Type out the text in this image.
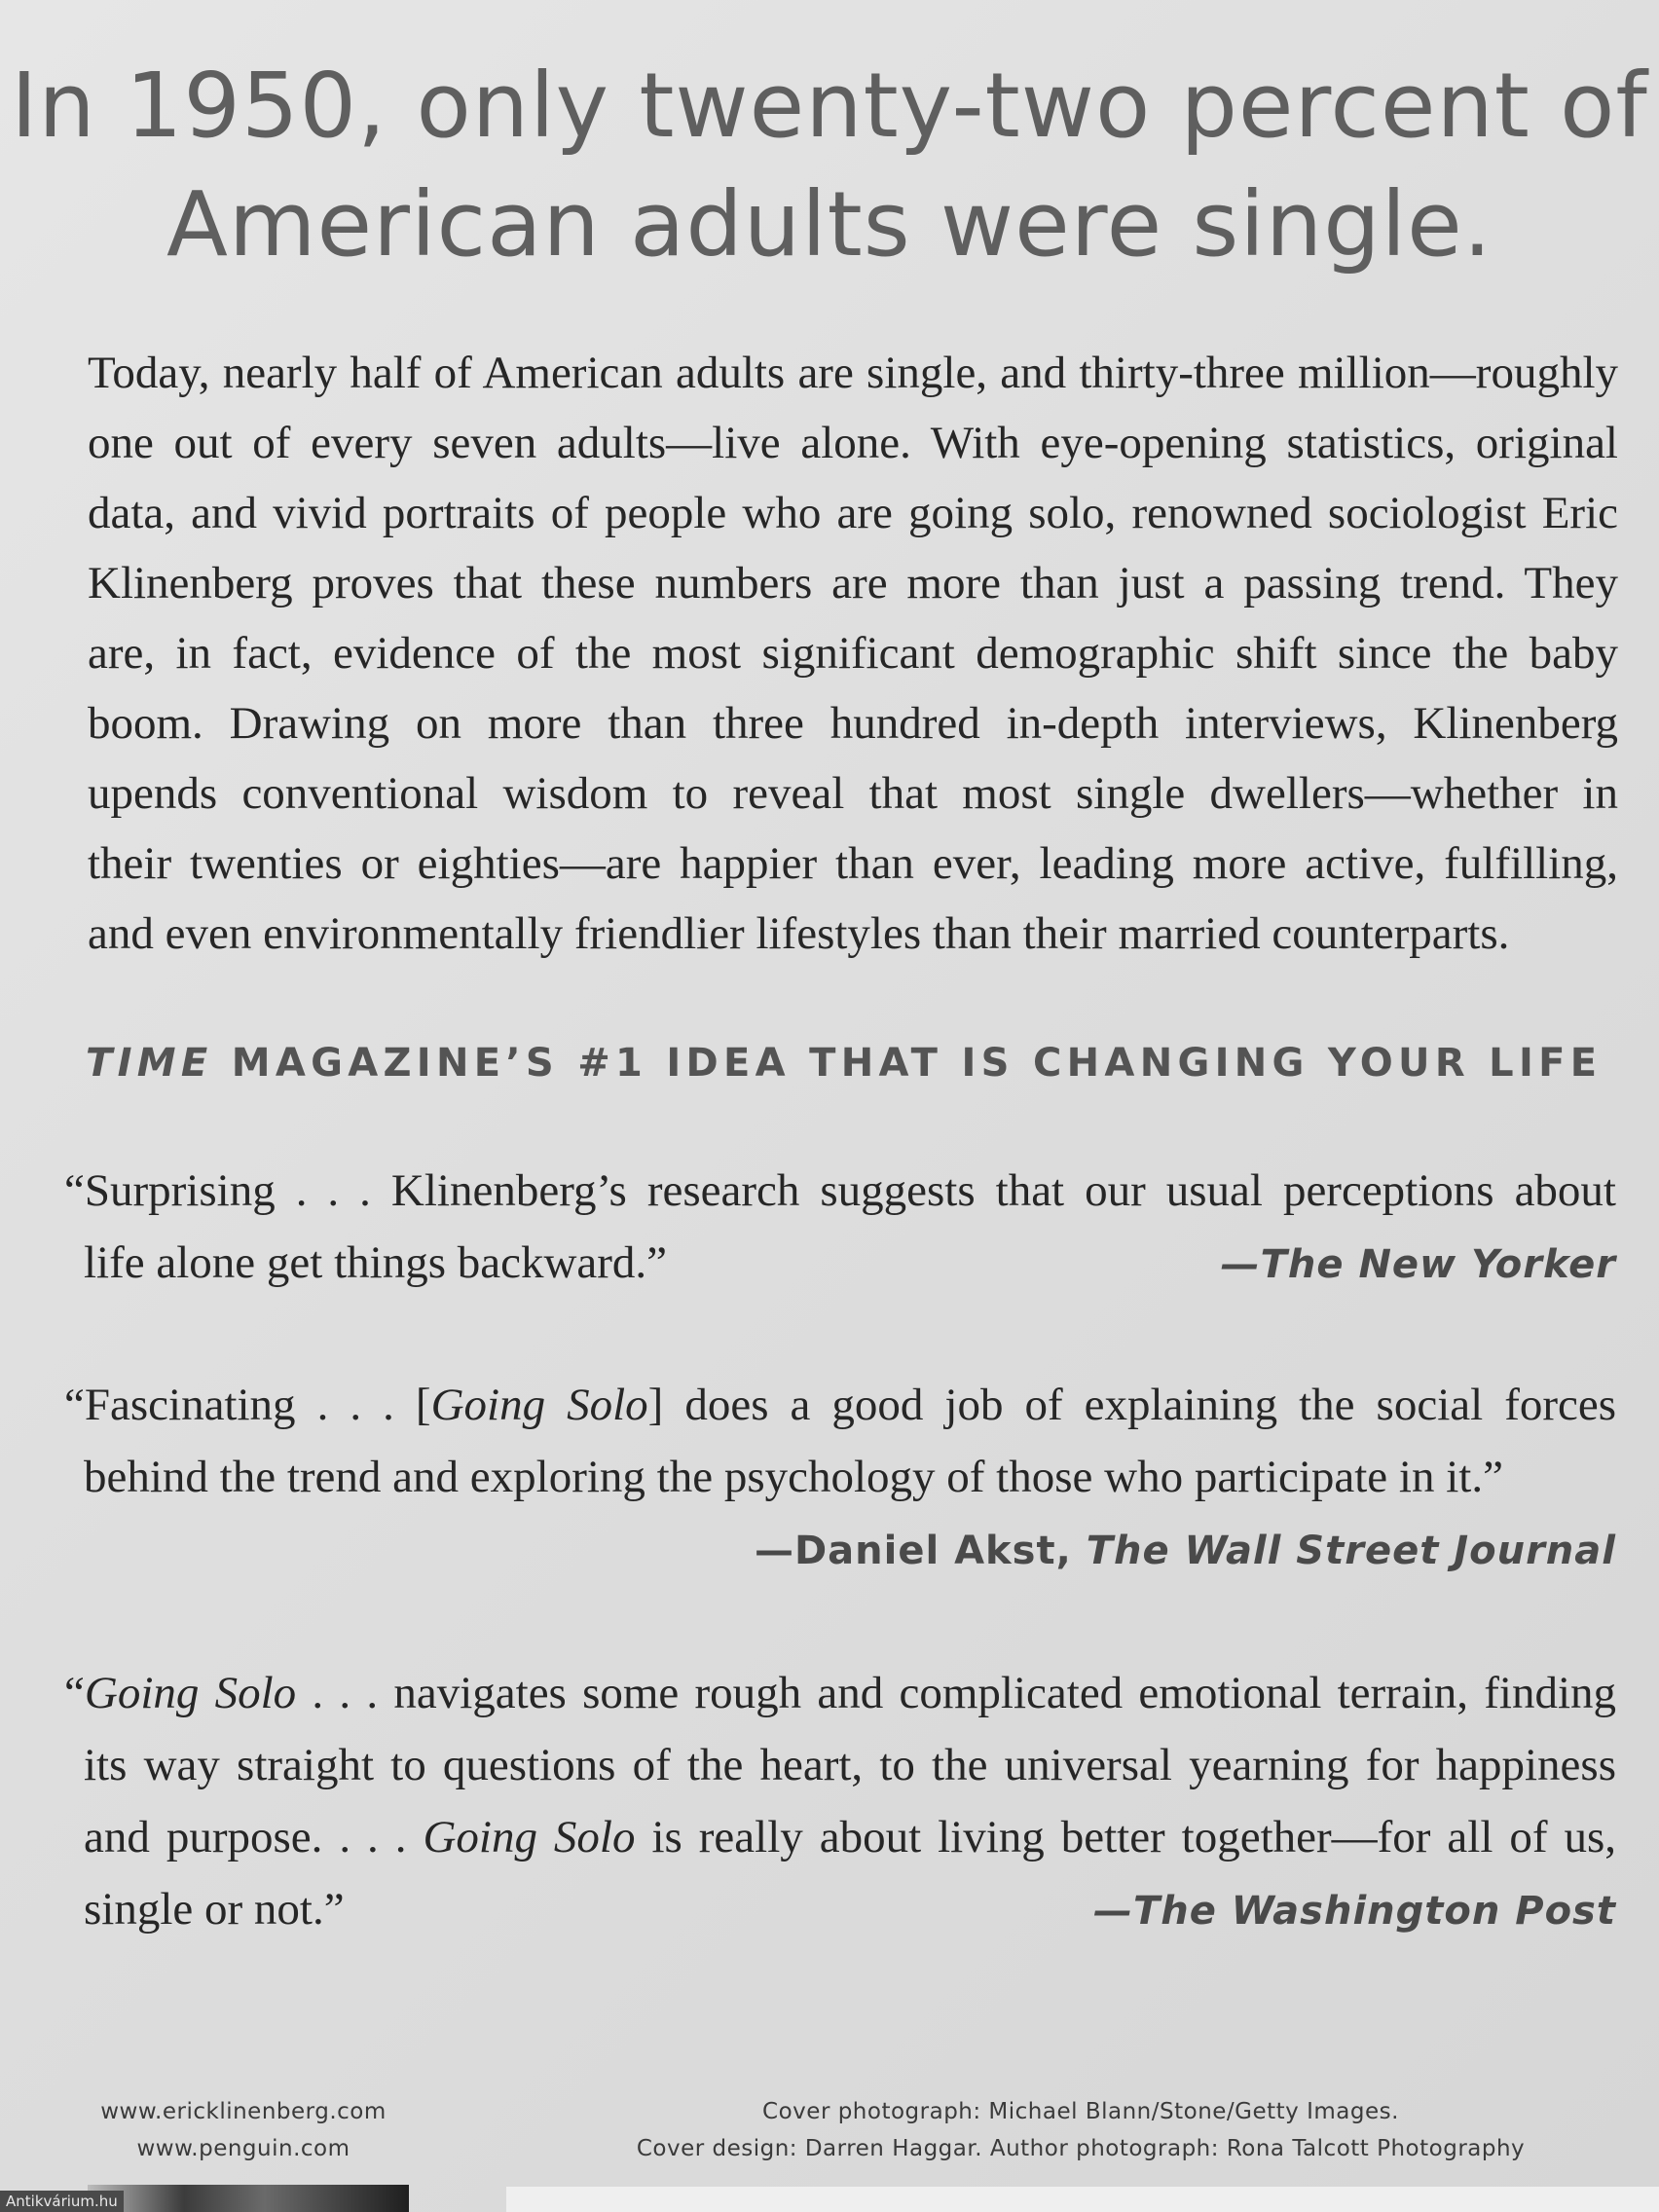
In 1950, only twenty-two percent of
American adults were single.
Today, nearly half of American adults are single, and thirty-three million—roughly
one out of every seven adults—live alone. With eye-opening statistics, original
data, and vivid portraits of people who are going solo, renowned sociologist Eric
Klinenberg proves that these numbers are more than just a passing trend. They
are, in fact, evidence of the most significant demographic shift since the baby
boom. Drawing on more than three hundred in-depth interviews, Klinenberg
upends conventional wisdom to reveal that most single dwellers—whether in
their twenties or eighties—are happier than ever, leading more active, fulfilling,
and even environmentally friendlier lifestyles than their married counterparts.
TIME MAGAZINE’S #1 IDEA THAT IS CHANGING YOUR LIFE
“Surprising . . . Klinenberg’s research suggests that our usual perceptions about
life alone get things backward.”	—The New Yorker
“Fascinating . . . [Going Solo] does a good job of explaining the social forces
behind the trend and exploring the psychology of those who participate in it.”
—Daniel Akst, The Wall Street Journal
“Going Solo . . . navigates some rough and complicated emotional terrain, finding
its way straight to questions of the heart, to the universal yearning for happiness
and purpose. . . . Going Solo is really about living better together—for all of us,
single or not.”	—The Washington Post
www.ericklinenberg.com
www.penguin.com
Cover photograph: Michael Blann/Stone/Getty Images.
Cover design: Darren Haggar. Author photograph: Rona Talcott Photography
Antikvárium.hu
